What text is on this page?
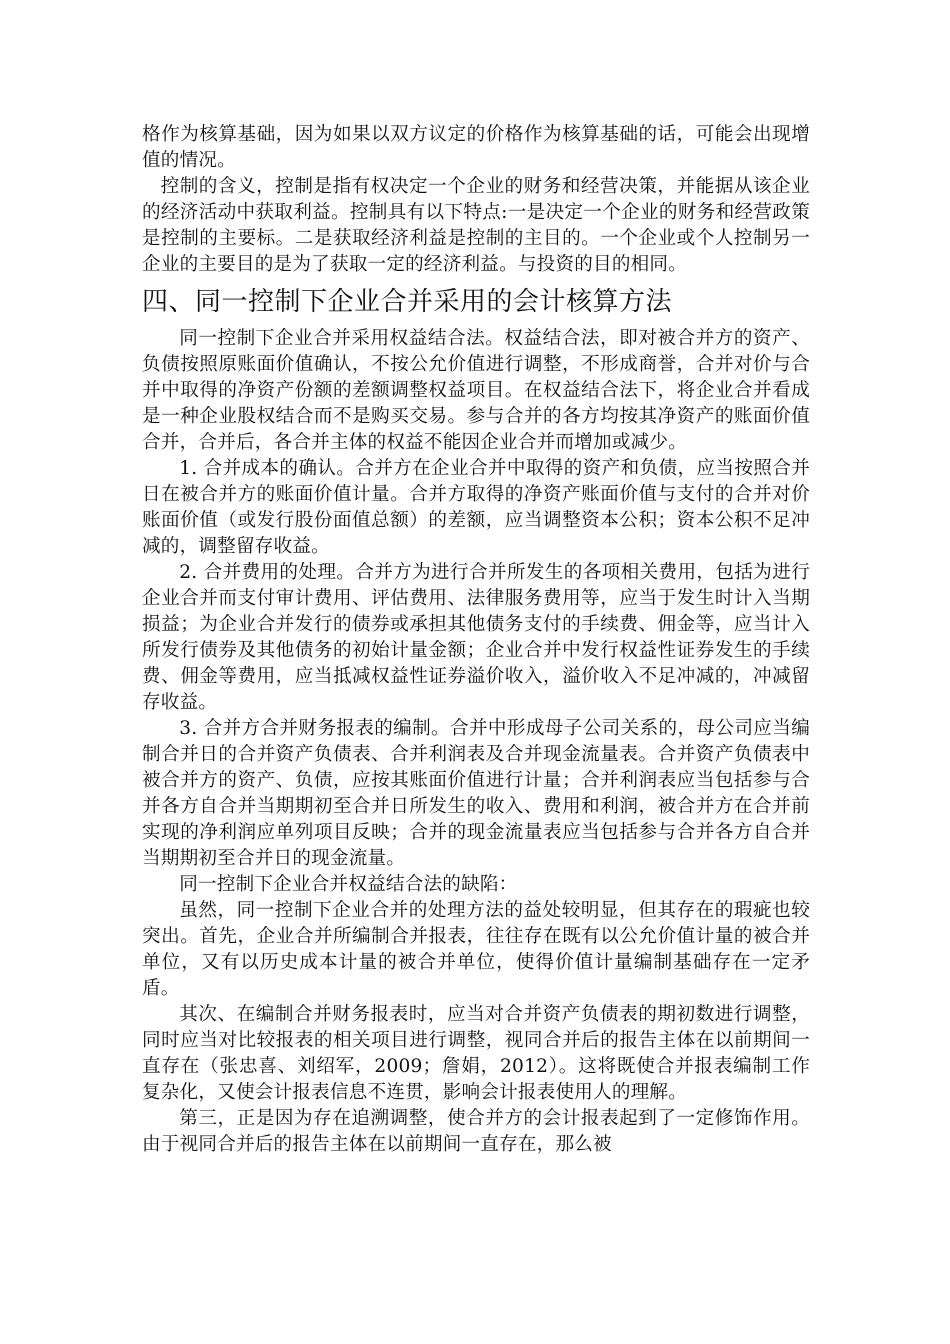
格作为核算基础，因为如果以双方议定的价格作为核算基础的话，可能会出现增值的情况。

控制的含义，控制是指有权决定一个企业的财务和经营决策，并能据从该企业的经济活动中获取利益。控制具有以下特点:一是决定一个企业的财务和经营政策是控制的主要标。二是获取经济利益是控制的主目的。一个企业或个人控制另一企业的主要目的是为了获取一定的经济利益。与投资的目的相同。

四、同一控制下企业合并采用的会计核算方法

同一控制下企业合并采用权益结合法。权益结合法，即对被合并方的资产、负债按照原账面价值确认，不按公允价值进行调整，不形成商誉，合并对价与合并中取得的净资产份额的差额调整权益项目。在权益结合法下，将企业合并看成是一种企业股权结合而不是购买交易。参与合并的各方均按其净资产的账面价值合并，合并后，各合并主体的权益不能因企业合并而增加或减少。

1. 合并成本的确认。合并方在企业合并中取得的资产和负债，应当按照合并日在被合并方的账面价值计量。合并方取得的净资产账面价值与支付的合并对价账面价值（或发行股份面值总额）的差额，应当调整资本公积；资本公积不足冲减的，调整留存收益。

2. 合并费用的处理。合并方为进行合并所发生的各项相关费用，包括为进行企业合并而支付审计费用、评估费用、法律服务费用等，应当于发生时计入当期损益；为企业合并发行的债券或承担其他债务支付的手续费、佣金等，应当计入所发行债券及其他债务的初始计量金额；企业合并中发行权益性证券发生的手续费、佣金等费用，应当抵减权益性证券溢价收入，溢价收入不足冲减的，冲减留存收益。

3. 合并方合并财务报表的编制。合并中形成母子公司关系的，母公司应当编制合并日的合并资产负债表、合并利润表及合并现金流量表。合并资产负债表中被合并方的资产、负债，应按其账面价值进行计量；合并利润表应当包括参与合并各方自合并当期期初至合并日所发生的收入、费用和利润，被合并方在合并前实现的净利润应单列项目反映；合并的现金流量表应当包括参与合并各方自合并当期期初至合并日的现金流量。

同一控制下企业合并权益结合法的缺陷：

虽然，同一控制下企业合并的处理方法的益处较明显，但其存在的瑕疵也较突出。首先，企业合并所编制合并报表，往往存在既有以公允价值计量的被合并单位，又有以历史成本计量的被合并单位，使得价值计量编制基础存在一定矛盾。

其次、在编制合并财务报表时，应当对合并资产负债表的期初数进行调整，同时应当对比较报表的相关项目进行调整，视同合并后的报告主体在以前期间一直存在（张忠喜、刘绍军，2009；詹娟，2012）。这将既使合并报表编制工作复杂化，又使会计报表信息不连贯，影响会计报表使用人的理解。

第三，正是因为存在追溯调整，使合并方的会计报表起到了一定修饰作用。由于视同合并后的报告主体在以前期间一直存在，那么被
